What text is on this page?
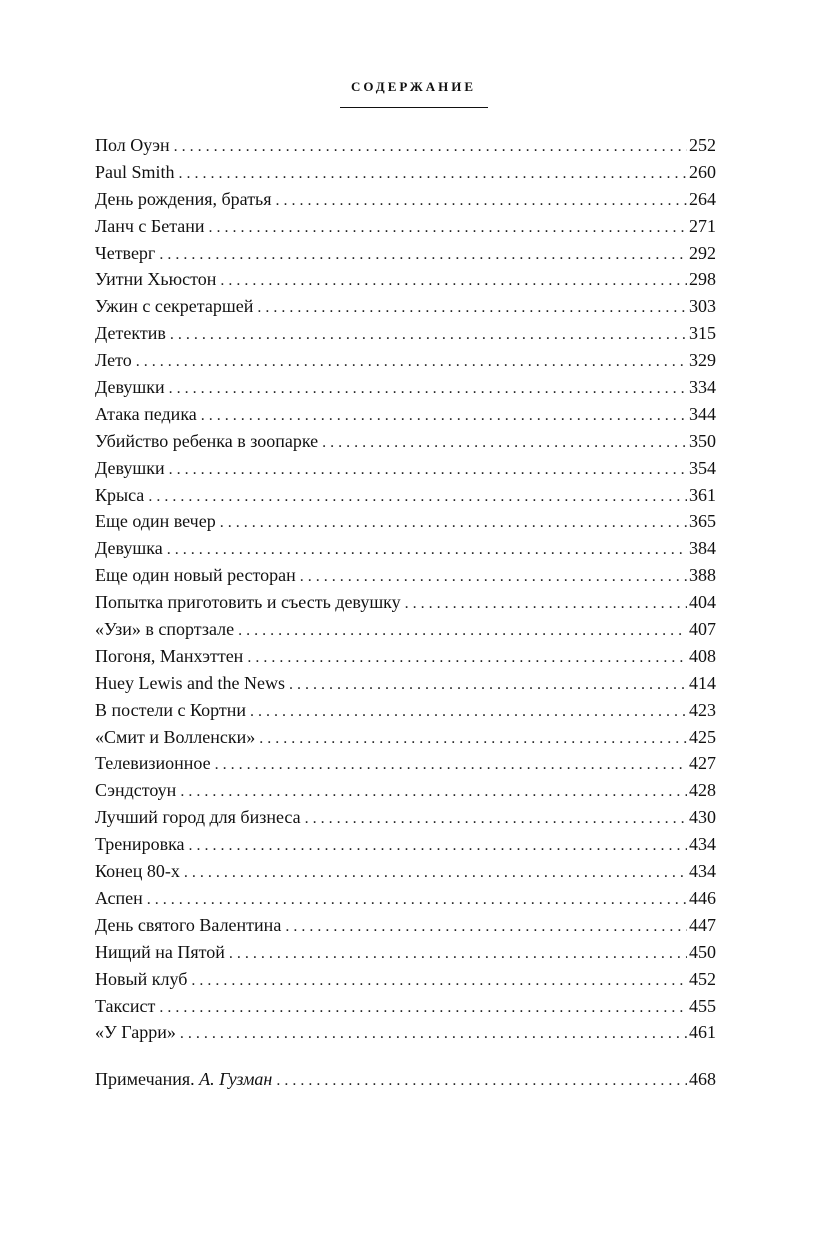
СОДЕРЖАНИЕ
Пол Оуэн . . .	252
Paul Smith . . .	260
День рождения, братья . . .	264
Ланч с Бетани . . .	271
Четверг . . .	292
Уитни Хьюстон . . .	298
Ужин с секретаршей . . .	303
Детектив . . .	315
Лето . . .	329
Девушки . . .	334
Атака педика . . .	344
Убийство ребенка в зоопарке . . .	350
Девушки . . .	354
Крыса . . .	361
Еще один вечер . . .	365
Девушка . . .	384
Еще один новый ресторан . . .	388
Попытка приготовить и съесть девушку . . .	404
«Узи» в спортзале . . .	407
Погоня, Манхэттен . . .	408
Huey Lewis and the News . . .	414
В постели с Кортни . . .	423
«Смит и Волленски» . . .	425
Телевизионное . . .	427
Сэндстоун . . .	428
Лучший город для бизнеса . . .	430
Тренировка . . .	434
Конец 80-х . . .	434
Аспен . . .	446
День святого Валентина . . .	447
Нищий на Пятой . . .	450
Новый клуб . . .	452
Таксист . . .	455
«У Гарри» . . .	461
Примечания. А. Гузман . . .	468
